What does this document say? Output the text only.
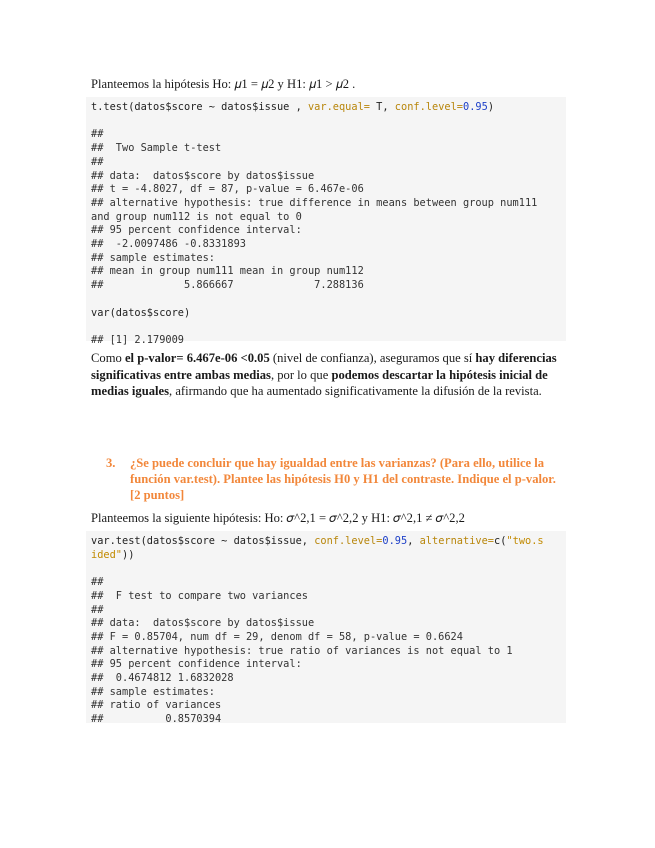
Planteemos la hipótesis Ho: 𝜇1 = 𝜇2 y H1: 𝜇1 > 𝜇2 .

t.test(datos$score ~ datos$issue , var.equal= T, conf.level=0.95)

##
##  Two Sample t-test
##
## data:  datos$score by datos$issue
## t = -4.8027, df = 87, p-value = 6.467e-06
## alternative hypothesis: true difference in means between group num111
and group num112 is not equal to 0
## 95 percent confidence interval:
##  -2.0097486 -0.8331893
## sample estimates:
## mean in group num111 mean in group num112
##             5.866667             7.288136

var(datos$score)

## [1] 2.179009

Como el p-valor= 6.467e-06 <0.05 (nivel de confianza), aseguramos que sí hay diferencias significativas entre ambas medias, por lo que podemos descartar la hipótesis inicial de medias iguales, afirmando que ha aumentado significativamente la difusión de la revista.

3.	¿Se puede concluir que hay igualdad entre las varianzas? (Para ello, utilice la función var.test). Plantee las hipótesis H0 y H1 del contraste. Indique el p-valor. [2 puntos]

Planteemos la siguiente hipótesis: Ho: 𝜎^2,1 = 𝜎^2,2 y H1: 𝜎^2,1 ≠ 𝜎^2,2

var.test(datos$score ~ datos$issue, conf.level=0.95, alternative=c("two.s
ided"))

##
##  F test to compare two variances
##
## data:  datos$score by datos$issue
## F = 0.85704, num df = 29, denom df = 58, p-value = 0.6624
## alternative hypothesis: true ratio of variances is not equal to 1
## 95 percent confidence interval:
##  0.4674812 1.6832028
## sample estimates:
## ratio of variances
##          0.8570394
